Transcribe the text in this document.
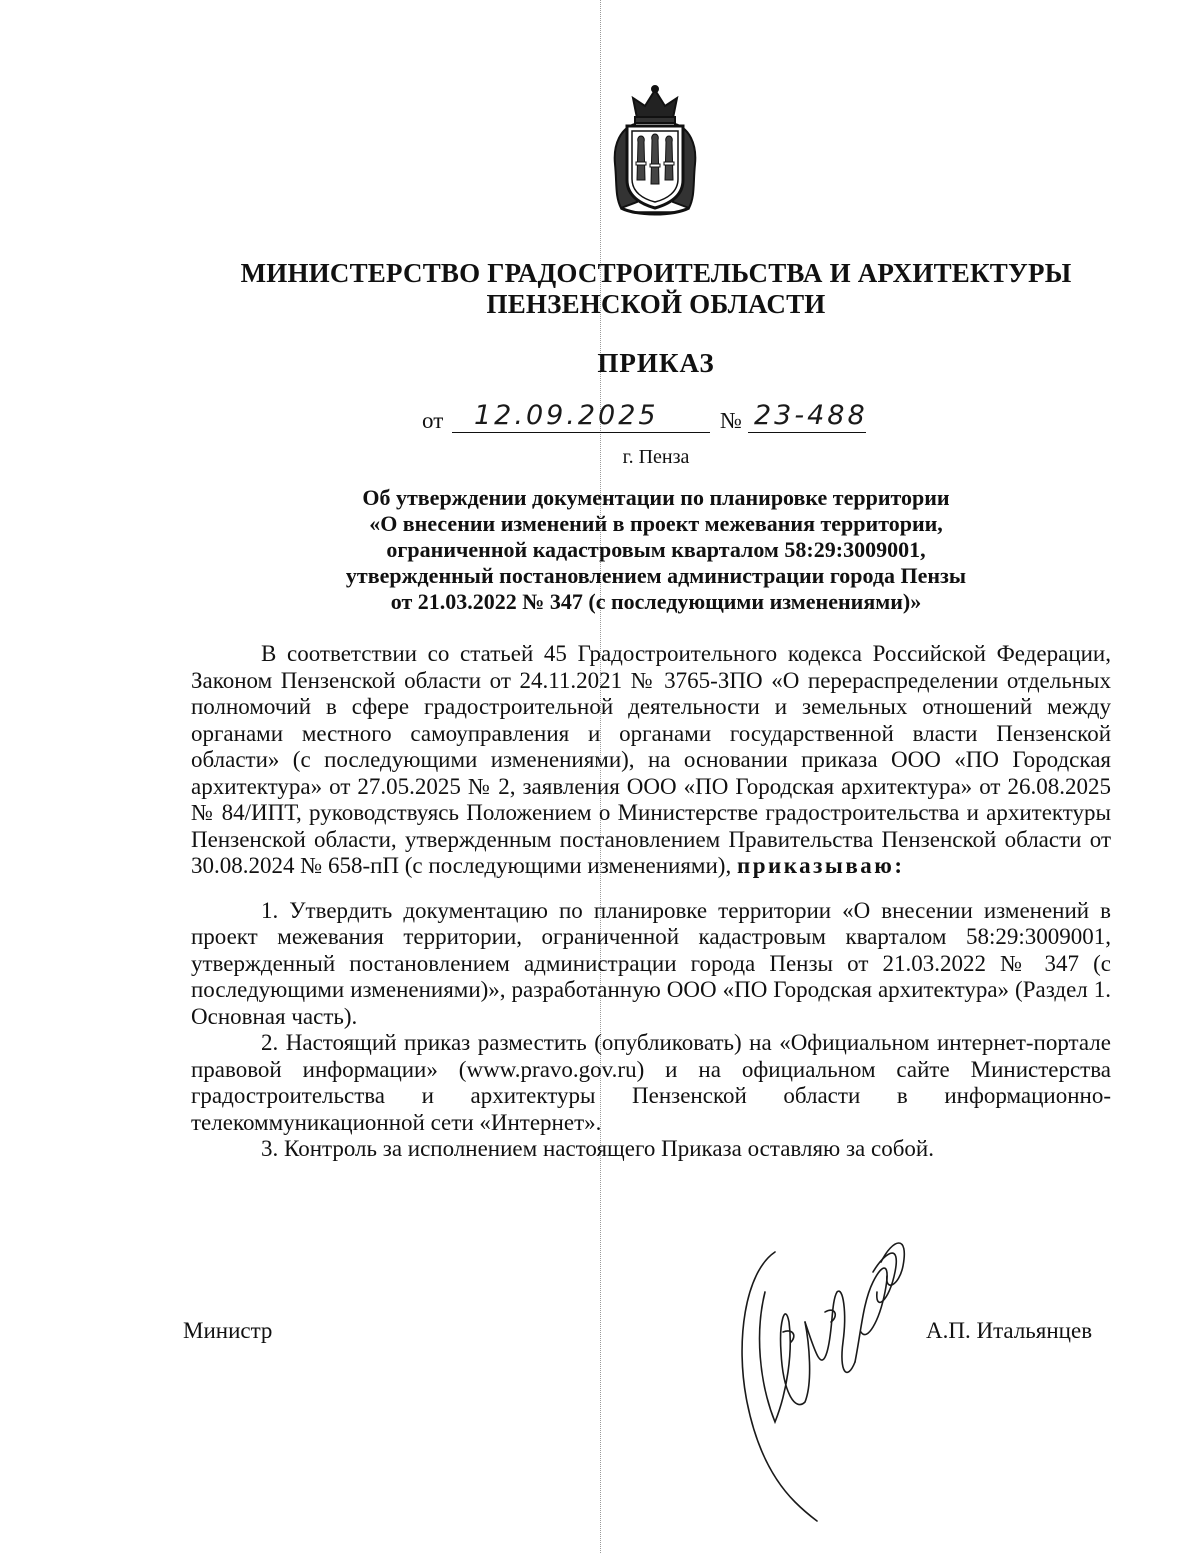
МИНИСТЕРСТВО ГРАДОСТРОИТЕЛЬСТВА И АРХИТЕКТУРЫ
ПЕНЗЕНСКОЙ ОБЛАСТИ
ПРИКАЗ
от 12.09.2025	№ 23-488
г. Пенза
Об утверждении документации по планировке территории
«О внесении изменений в проект межевания территории,
ограниченной кадастровым кварталом 58:29:3009001,
утвержденный постановлением администрации города Пензы
от 21.03.2022 № 347 (с последующими изменениями)»

В соответствии со статьей 45 Градостроительного кодекса Российской Федерации, Законом Пензенской области от 24.11.2021 № 3765-ЗПО «О перераспределении отдельных полномочий в сфере градостроительной деятельности и земельных отношений между органами местного самоуправления и органами государственной власти Пензенской области» (с последующими изменениями), на основании приказа ООО «ПО Городская архитектура» от 27.05.2025 № 2, заявления ООО «ПО Городская архитектура» от 26.08.2025 № 84/ИПТ, руководствуясь Положением о Министерстве градостроительства и архитектуры Пензенской области, утвержденным постановлением Правительства Пензенской области от 30.08.2024 № 658-пП (с последующими изменениями), приказываю:

1. Утвердить документацию по планировке территории «О внесении изменений в проект межевания территории, ограниченной кадастровым кварталом 58:29:3009001, утвержденный постановлением администрации города Пензы от 21.03.2022 № 347 (с последующими изменениями)», разработанную ООО «ПО Городская архитектура» (Раздел 1. Основная часть).

2. Настоящий приказ разместить (опубликовать) на «Официальном интернет-портале правовой информации» (www.pravo.gov.ru) и на официальном сайте Министерства градостроительства и архитектуры Пензенской области в информационно-телекоммуникационной сети «Интернет».

3. Контроль за исполнением настоящего Приказа оставляю за собой.

Министр	А.П. Итальянцев
